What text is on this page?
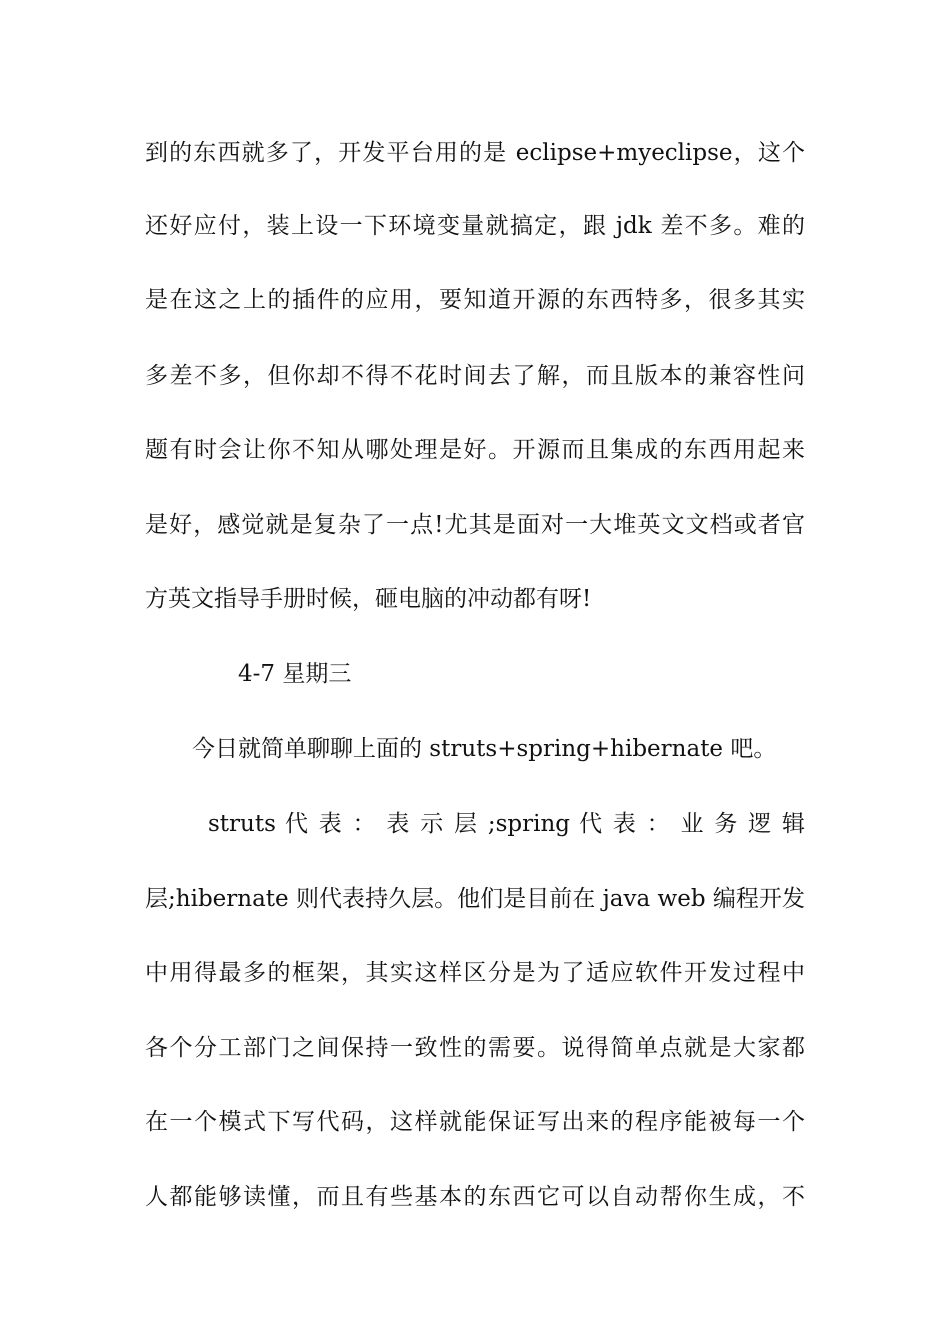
到的东西就多了，开发平台用的是 eclipse+myeclipse，这个
还好应付，装上设一下环境变量就搞定，跟 jdk 差不多。难的
是在这之上的插件的应用，要知道开源的东西特多，很多其实
多差不多，但你却不得不花时间去了解，而且版本的兼容性问
题有时会让你不知从哪处理是好。开源而且集成的东西用起来
是好，感觉就是复杂了一点!尤其是面对一大堆英文文档或者官
方英文指导手册时候，砸电脑的冲动都有呀!
4-7 星期三
今日就简单聊聊上面的 struts+spring+hibernate 吧。
struts 代 表 ： 表 示 层 ;spring 代 表 ： 业 务 逻 辑
层;hibernate 则代表持久层。他们是目前在 java web 编程开发
中用得最多的框架，其实这样区分是为了适应软件开发过程中
各个分工部门之间保持一致性的需要。说得简单点就是大家都
在一个模式下写代码，这样就能保证写出来的程序能被每一个
人都能够读懂，而且有些基本的东西它可以自动帮你生成，不
